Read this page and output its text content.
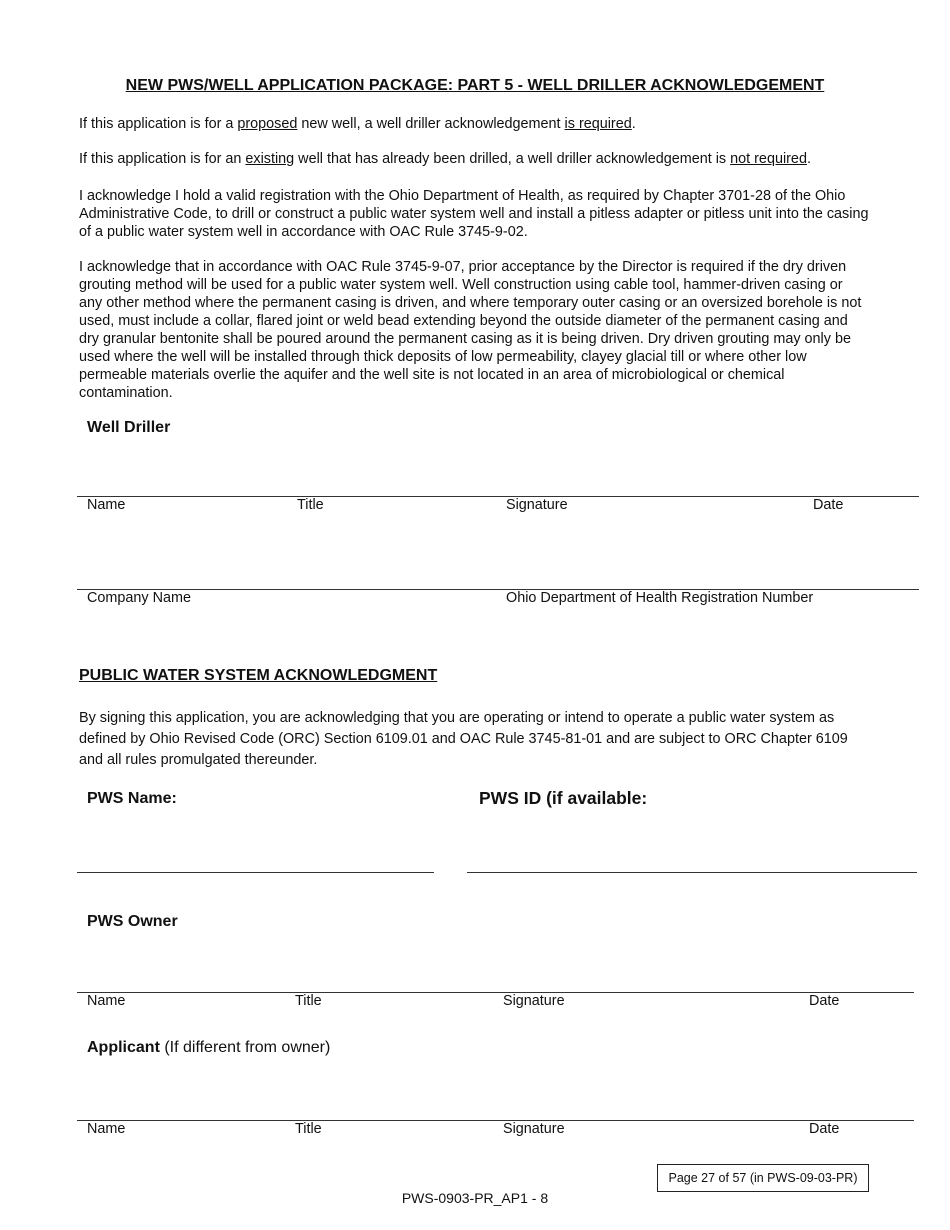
NEW PWS/WELL APPLICATION PACKAGE: PART 5 - WELL DRILLER ACKNOWLEDGEMENT
If this application is for a proposed new well, a well driller acknowledgement is required.
If this application is for an existing well that has already been drilled, a well driller acknowledgement is not required.
I acknowledge I hold a valid registration with the Ohio Department of Health, as required by Chapter 3701-28 of the Ohio Administrative Code, to drill or construct a public water system well and install a pitless adapter or pitless unit into the casing of a public water system well in accordance with OAC Rule 3745-9-02.
I acknowledge that in accordance with OAC Rule 3745-9-07, prior acceptance by the Director is required if the dry driven grouting method will be used for a public water system well. Well construction using cable tool, hammer-driven casing or any other method where the permanent casing is driven, and where temporary outer casing or an oversized borehole is not used, must include a collar, flared joint or weld bead extending beyond the outside diameter of the permanent casing and dry granular bentonite shall be poured around the permanent casing as it is being driven. Dry driven grouting may only be used where the well will be installed through thick deposits of low permeability, clayey glacial till or where other low permeable materials overlie the aquifer and the well site is not located in an area of microbiological or chemical contamination.
Well Driller
Name	Title	Signature	Date
Company Name	Ohio Department of Health Registration Number
PUBLIC WATER SYSTEM ACKNOWLEDGMENT
By signing this application, you are acknowledging that you are operating or intend to operate a public water system as defined by Ohio Revised Code (ORC) Section 6109.01 and OAC Rule 3745-81-01 and are subject to ORC Chapter 6109 and all rules promulgated thereunder.
PWS Name:	PWS ID (if available:
PWS Owner
Name	Title	Signature	Date
Applicant (If different from owner)
Name	Title	Signature	Date
Page 27 of 57 (in PWS-09-03-PR)
PWS-0903-PR_AP1 - 8
